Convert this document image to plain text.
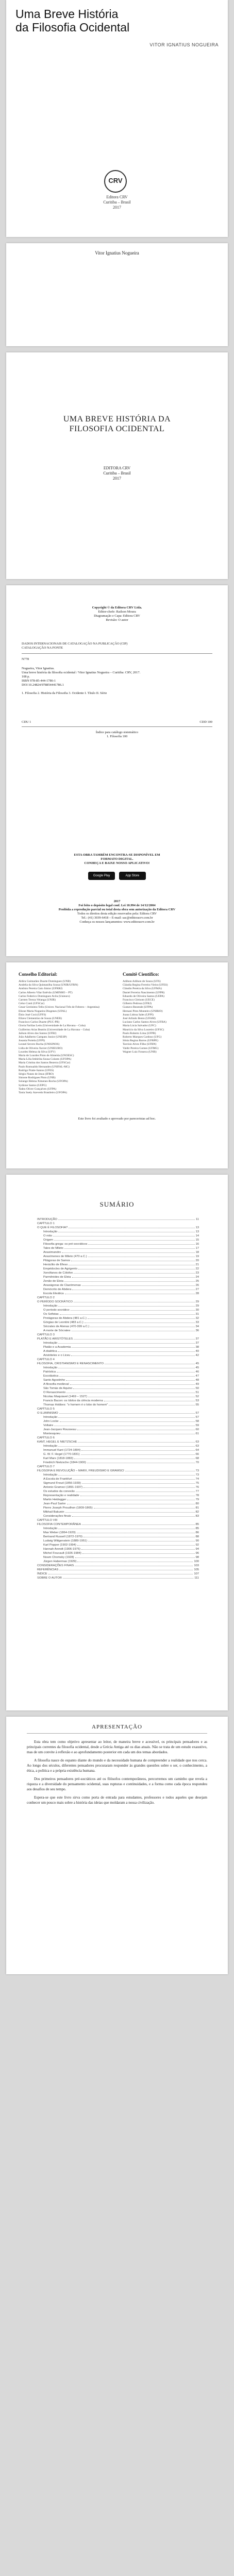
Uma Breve História
da Filosofia Ocidental
VITOR IGNATIUS NOGUEIRA
CRV
Editora CRV
Curitiba – Brasil
2017
Vitor Ignatius Nogueira
UMA BREVE HISTÓRIA DA
FILOSOFIA OCIDENTAL
EDITORA CRV
Curitiba – Brasil
2017
Copyright © da Editora CRV Ltda.
Editor-chefe: Railson Moura
Diagramação e Capa: Editora CRV
Revisão: O autor
DADOS INTERNACIONAIS DE CATALOGAÇÃO NA PUBLICAÇÃO (CIP)
CATALOGAÇÃO NA FONTE
N778
Nogueira, Vitor Ignatius.
Uma breve história da filosofia ocidental / Vitor Ignatius Nogueira – Curitiba: CRV, 2017.
108 p.
ISBN 978-85-444-1786-1
DOI 10.24824/978854441786.1
1. Filosofia 2. História da Filosofia 3. Ocidente I. Título II. Série
CDU 1	CDD 100
Índice para catálogo sistemático
1. Filosofia 100
ESTA OBRA TAMBÉM ENCONTRA-SE DISPONÍVEL EM
FORMATO DIGITAL.
CONHEÇA E BAIXE NOSSO APLICATIVO!
Google Play	App Store
2017
Foi feito o depósito legal conf. Lei 10.994 de 14/12/2004
Proibida a reprodução parcial ou total desta obra sem autorização da Editora CRV
Todos os direitos desta edição reservados pela: Editora CRV
Tel.: (41) 3039-6418 – E-mail: sac@editoracrv.com.br
Conheça os nossos lançamentos: www.editoracrv.com.br
Conselho Editorial:	Comitê Científico:
Aldira Guimarães Duarte Domínguez (UNB)
Andréia da Silva Quintanilha Sousa (UNIR/UFRN)
Antônio Pereira Gaio Júnior (UFRRJ)
Carlos Alberto Vilar Estêvão (UMINHO – PT)
Carlos Federico Dominguez Avila (Unieuro)
Carmen Tereza Velanga (UNIR)
Celso Conti (UFSCar)
Cesar Gerónimo Tello (Univer. Nacional Três de Febrero – Argentina)
Elione Maria Nogueira Diogenes (UFAL)
Élsio José Corá (UFFS)
Elizeu Clementino de Souza (UNEB)
Francisco Carlos Duarte (PUC-PR)
Gloria Fariñas León (Universidade de La Havana – Cuba)
Guillermo Arias Beatón (Universidade de La Havana – Cuba)
Jailson Alves dos Santos (UFRJ)
João Adalberto Campato Junior (UNESP)
Josania Portela (UFPI)
Leonel Severo Rocha (UNISINOS)
Lídia de Oliveira Xavier (UNIEURO)
Lourdes Helena da Silva (UFV)
Maria de Lourdes Pinto de Almeida (UNOESC)
Maria Lília Imbiriba Sousa Colares (UFOPA)
Maria Cristina dos Santos Bezerra (UFSCar)
Paulo Romualdo Hernandes (UNIFAL-MG)
Rodrigo Pratte-Santos (UFES)
Sérgio Nunes de Jesus (IFRO)
Simone Rodrigues Pinto (UNB)
Solange Helena Ximenes-Rocha (UFOPA)
Sydione Santos (UEPG)
Tadeu Oliver Gonçalves (UFPA)
Tania Suely Azevedo Brasileiro (UFOPA)
Adilson Adilson de Souza (UFS)
Cláudia Regina Ferreira Vieira (UFES)
Cláudio Pereira da Silva (UFMA)
Daniel Ferreira Nascimento (UFPR)
Eduardo de Oliveira Santos (UEPA)
Francisco Gleisom (UECE)
Gilberto Pedrosa (UFRJ)
Gustavo Rezende (UFPA)
Hernani Pires Monteiro (UNIRIO)
Joana Lisboa Sales (UFPI)
José Arlindo Bento (UFAM)
Luciano Carlos Santos Alves (UFBA)
Maria Lúcia Salvador (UFC)
Maurício da Silva Loureiro (UFSC)
Paulo Roberto Lima (UFPB)
Roberto Marques Cardoso (UFG)
Sônia Regina Barros (UFRPE)
Tarcísio Alves Filho (UFRN)
Valdir Pereira Gomes (UFMG)
Wagner Luiz Fonseca (UNB)
Este livro foi avaliado e aprovado por pareceristas ad hoc.
SUMÁRIO
INTRODUÇÃO	11
CAPÍTULO 1
O QUE É FILOSOFIA?	13
Introdução	13
O mito	14
Origem	15
Filosofia grega: os pré-socráticos	16
Tales de Mileto	17
Anaximandro	18
Anaxímenes de Mileto (470 a.C.)	19
Pitágoras de Samos	20
Heráclito de Éfeso	21
Empédocles de Agrigento	22
Xenófanes de Cólofon	23
Parmênides de Eleia	24
Zenão de Eleia	25
Anaxágoras de Clazómenas	26
Demócrito de Abdera	27
Escola Eleática	28
CAPÍTULO 2
O PERÍODO SOCRÁTICO	29
Introdução	29
O período socrático	30
Os Sofistas	31
Protágoras de Abdera (481 a.C.)	32
Górgias de Leontini (483 a.C.)	33
Sócrates de Atenas (470-399 a.C.)	34
A morte de Sócrates	36
CAPÍTULO 3
PLATÃO E ARISTÓTELES	37
Introdução	37
Platão e a Academia	38
A dialética	40
Aristóteles e o Liceu	42
CAPÍTULO 4
FILOSOFIA, CRISTIANISMO E RENASCIMENTO	45
Introdução	45
Patrística	46
Escolástica	47
Santo Agostinho	48
A filosofia medieval	49
São Tomás de Aquino	50
O Renascimento	51
Nicolau Maquiavel (1469 – 1527)	52
Francis Bacon: os ídolos da ciência moderna	53
Thomas Hobbes: "o homem é o lobo do homem"	55
CAPÍTULO 5
O ILUMINISMO	57
Introdução	57
John Locke	58
Voltaire	59
Jean-Jacques Rousseau	60
Montesquieu	61
CAPÍTULO 6
KANT, HEGEL E NIETZSCHE	63
Introdução	63
Immanuel Kant (1724-1804)	64
G. W. F. Hegel (1770-1831)	66
Karl Marx (1818-1883)	68
Friedrich Nietzsche (1844-1900)	70
CAPÍTULO 7
FILOSOFIA E REVOLUÇÃO – MARX, FREUDISMO E GRAMSCI	73
Introdução	73
A Escola de Frankfurt	74
Sigmund Freud (1856-1939)	75
Antonio Gramsci (1891-1937)	76
Os estudos da conexão	77
Representação e realidade	78
Martin Heidegger	79
Jean-Paul Sartre	80
Pierre Joseph Proudhon (1809-1865)	81
Mikhail Bakunin	82
Considerações finais	83
CAPÍTULO VIII
FILOSOFIA CONTEMPORÂNEA	85
Introdução	85
Max Weber (1864-1920)	86
Bertrand Russell (1872-1970)	88
Ludwig Wittgenstein (1889-1951)	90
Karl Popper (1902-1994)	92
Hannah Arendt (1906-1975)	94
Michel Foucault (1926-1984)	96
Noam Chomsky (1928)	98
Jürgen Habermas (1929)	100
CONSIDERAÇÕES FINAIS	103
REFERÊNCIAS	105
ÍNDICE	107
SOBRE O AUTOR	111
APRESENTAÇÃO

Esta obra tem como objetivo apresentar ao leitor, de maneira breve e acessível, os principais pensadores e as principais correntes da filosofia ocidental, desde a Grécia Antiga até os dias atuais. Não se trata de um estudo exaustivo, mas de um convite à reflexão e ao aprofundamento posterior em cada um dos temas abordados.

A filosofia nasce do espanto diante do mundo e da necessidade humana de compreender a realidade que nos cerca. Ao longo dos séculos, diferentes pensadores procuraram responder às grandes questões sobre o ser, o conhecimento, a ética, a política e a própria existência humana.

Dos primeiros pensadores pré-socráticos até os filósofos contemporâneos, percorremos um caminho que revela a riqueza e a diversidade do pensamento ocidental, suas rupturas e continuidades, e a forma como cada época respondeu aos desafios de seu tempo.

Espera-se que este livro sirva como porta de entrada para estudantes, professores e todos aqueles que desejam conhecer um pouco mais sobre a história das ideias que moldaram a nossa civilização.
